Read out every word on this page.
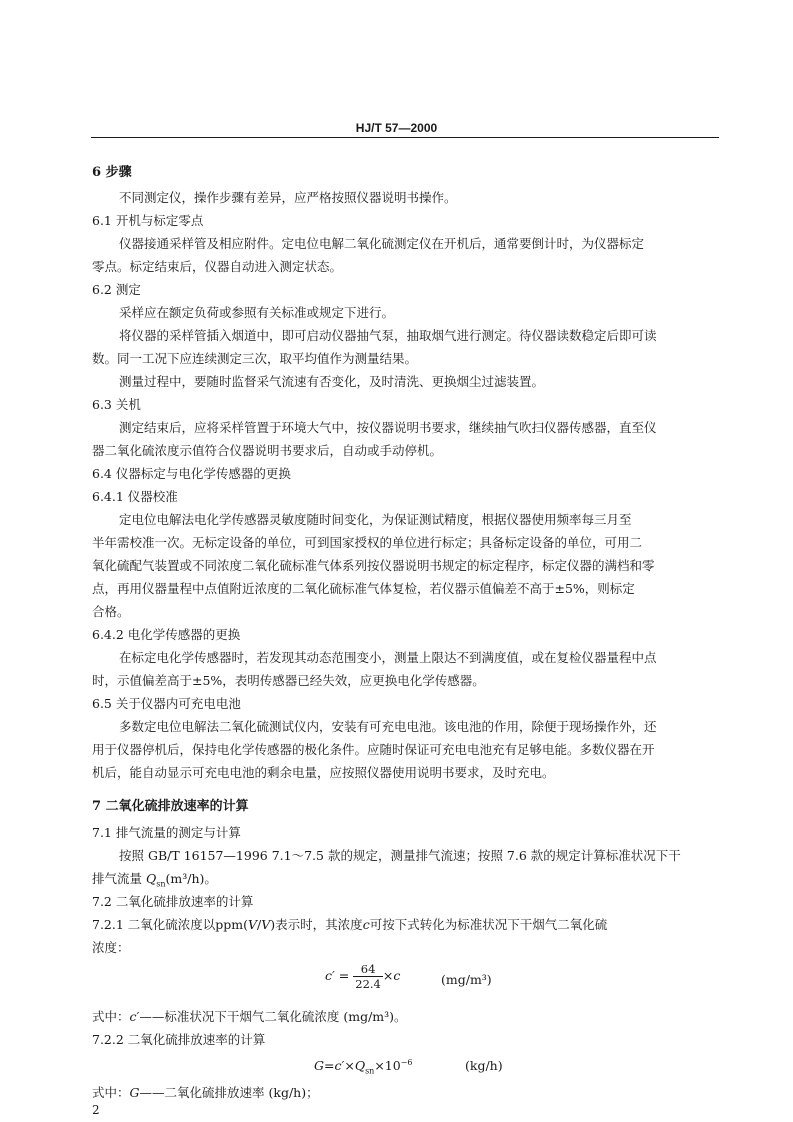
HJ/T 57—2000
6 步骤
不同测定仪，操作步骤有差异，应严格按照仪器说明书操作。
6.1 开机与标定零点
仪器接通采样管及相应附件。定电位电解二氧化硫测定仪在开机后，通常要倒计时，为仪器标定
零点。标定结束后，仪器自动进入测定状态。
6.2 测定
采样应在额定负荷或参照有关标准或规定下进行。
将仪器的采样管插入烟道中，即可启动仪器抽气泵，抽取烟气进行测定。待仪器读数稳定后即可读
数。同一工况下应连续测定三次，取平均值作为测量结果。
测量过程中，要随时监督采气流速有否变化，及时清洗、更换烟尘过滤装置。
6.3 关机
测定结束后，应将采样管置于环境大气中，按仪器说明书要求，继续抽气吹扫仪器传感器，直至仪
器二氧化硫浓度示值符合仪器说明书要求后，自动或手动停机。
6.4 仪器标定与电化学传感器的更换
6.4.1 仪器校准
定电位电解法电化学传感器灵敏度随时间变化，为保证测试精度，根据仪器使用频率每三月至
半年需校准一次。无标定设备的单位，可到国家授权的单位进行标定；具备标定设备的单位，可用二
氧化硫配气装置或不同浓度二氧化硫标准气体系列按仪器说明书规定的标定程序，标定仪器的满档和零
点，再用仪器量程中点值附近浓度的二氧化硫标准气体复检，若仪器示值偏差不高于±5%，则标定
合格。
6.4.2 电化学传感器的更换
在标定电化学传感器时，若发现其动态范围变小，测量上限达不到满度值，或在复检仪器量程中点
时，示值偏差高于±5%，表明传感器已经失效，应更换电化学传感器。
6.5 关于仪器内可充电电池
多数定电位电解法二氧化硫测试仪内，安装有可充电电池。该电池的作用，除便于现场操作外，还
用于仪器停机后，保持电化学传感器的极化条件。应随时保证可充电电池充有足够电能。多数仪器在开
机后，能自动显示可充电电池的剩余电量，应按照仪器使用说明书要求，及时充电。
7 二氧化硫排放速率的计算
7.1 排气流量的测定与计算
按照 GB/T 16157—1996 7.1～7.5 款的规定，测量排气流速；按照 7.6 款的规定计算标准状况下干
排气流量 $Q_{sn}(m^3/h)$。
7.2 二氧化硫排放速率的计算
7.2.1 二氧化硫浓度以ppm(V/V)表示时，其浓度c可按下式转化为标准状况下干烟气二氧化硫
浓度：
$c' = \frac{64}{22.4} \times c$	(mg/m³)
式中：c′——标准状况下干烟气二氧化硫浓度 (mg/m³)。
7.2.2 二氧化硫排放速率的计算
$G=c'\times Q_{sn}\times 10^{-6}$	(kg/h)
式中：G——二氧化硫排放速率 (kg/h)；
2
